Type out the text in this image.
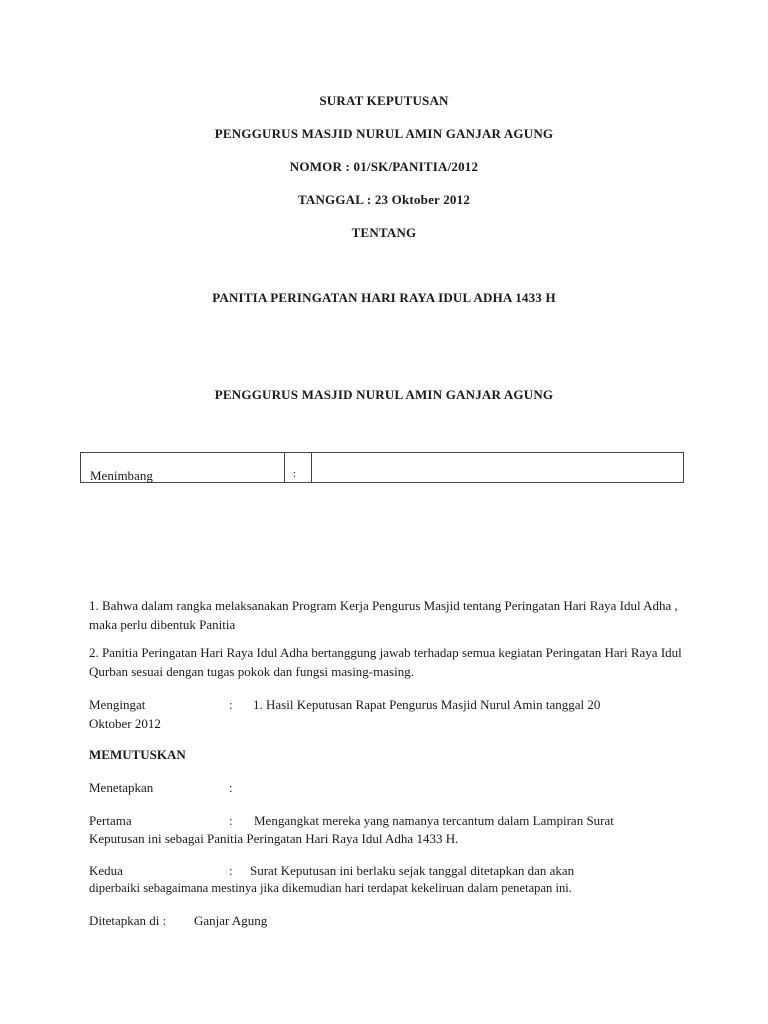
SURAT KEPUTUSAN
PENGGURUS MASJID NURUL AMIN GANJAR AGUNG
NOMOR : 01/SK/PANITIA/2012
TANGGAL : 23 Oktober 2012
TENTANG
PANITIA PERINGATAN HARI RAYA IDUL ADHA 1433 H
PENGGURUS MASJID NURUL AMIN GANJAR AGUNG
Menimbang	:
1. Bahwa dalam rangka melaksanakan Program Kerja Pengurus Masjid tentang Peringatan Hari Raya Idul Adha , maka perlu dibentuk Panitia
2. Panitia Peringatan Hari Raya Idul Adha bertanggung jawab terhadap semua kegiatan Peringatan Hari Raya Idul Qurban sesuai dengan tugas pokok dan fungsi masing-masing.
Mengingat	: 1. Hasil Keputusan Rapat Pengurus Masjid Nurul Amin tanggal 20
Oktober 2012
MEMUTUSKAN
Menetapkan	:
Pertama	: Mengangkat mereka yang namanya tercantum dalam Lampiran Surat
Keputusan ini sebagai Panitia Peringatan Hari Raya Idul Adha 1433 H.
Kedua	: Surat Keputusan ini berlaku sejak tanggal ditetapkan dan akan
diperbaiki sebagaimana mestinya jika dikemudian hari terdapat kekeliruan dalam penetapan ini.
Ditetapkan di : Ganjar Agung
